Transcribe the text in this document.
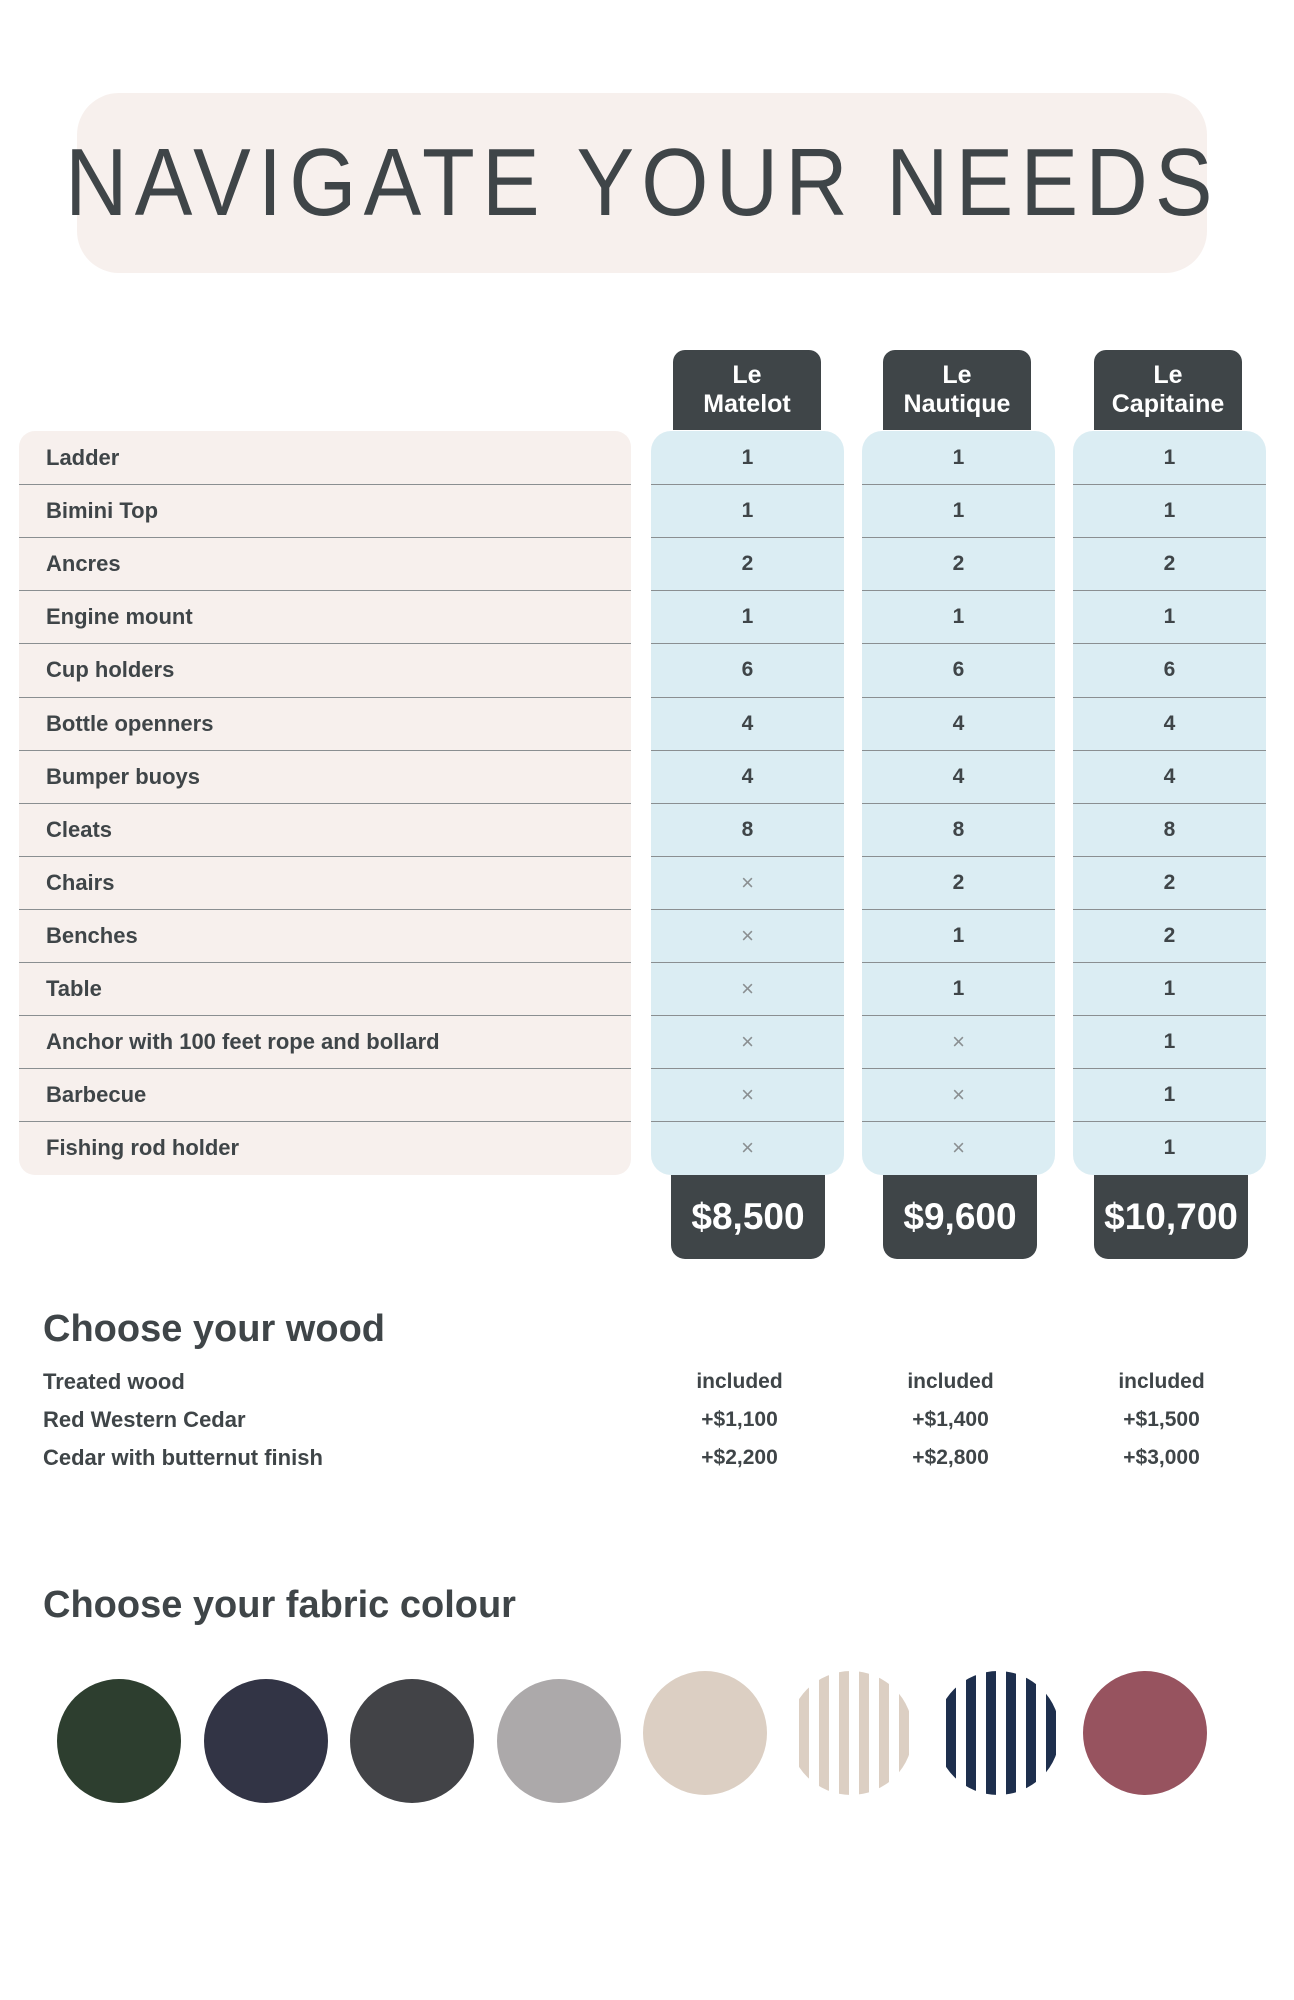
NAVIGATE YOUR NEEDS
Le
Matelot
Le
Nautique
Le
Capitaine
Ladder	1	1	1
Bimini Top	1	1	1
Ancres	2	2	2
Engine mount	1	1	1
Cup holders	6	6	6
Bottle openners	4	4	4
Bumper buoys	4	4	4
Cleats	8	8	8
Chairs	×	2	2
Benches	×	1	2
Table	×	1	1
Anchor with 100 feet rope and bollard	×	×	1
Barbecue	×	×	1
Fishing rod holder	×	×	1
$8,500	$9,600	$10,700
Choose your wood
Treated wood	included	included	included
Red Western Cedar	+$1,100	+$1,400	+$1,500
Cedar with butternut finish	+$2,200	+$2,800	+$3,000
Choose your fabric colour
